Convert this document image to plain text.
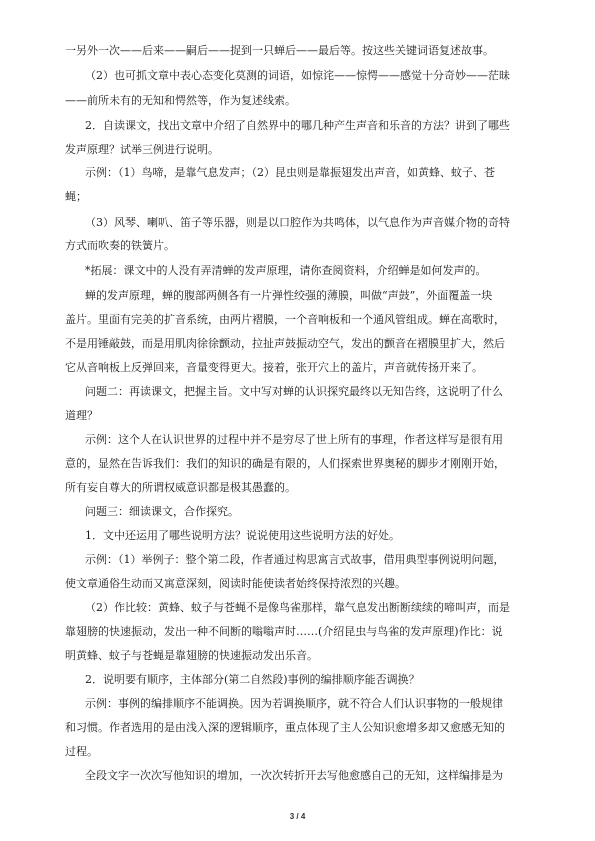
一另外一次——后来——嗣后——捉到一只蝉后——最后等。按这些关键词语复述故事。

（2）也可抓文章中表心态变化莫测的词语，如惊诧——惊愕——感觉十分奇妙——茫昧

——前所未有的无知和愕然等，作为复述线索。

2．自读课文，找出文章中介绍了自然界中的哪几种产生声音和乐音的方法？讲到了哪些

发声原理？试举三例进行说明。

示例：（1）鸟啼，是靠气息发声；（2）昆虫则是靠振翅发出声音，如黄蜂、蚊子、苍

蝇；

（3）风琴、喇叭、笛子等乐器，则是以口腔作为共鸣体，以气息作为声音媒介物的奇特

方式而吹奏的铁簧片。

*拓展：课文中的人没有弄清蝉的发声原理，请你查阅资料，介绍蝉是如何发声的。

蝉的发声原理，蝉的腹部两侧各有一片弹性绞强的薄膜，叫做“声鼓”，外面覆盖一块

盖片。里面有完美的扩音系统，由两片褶膜，一个音响板和一个通风管组成。蝉在高歌时，

不是用锤敲鼓，而是用肌肉徐徐颤动，拉扯声鼓振动空气，发出的颤音在褶膜里扩大，然后

它从音响板上反弹回来，音量变得更大。接着，张开穴上的盖片，声音就传扬开来了。

问题二：再读课文，把握主旨。文中写对蝉的认识探究最终以无知告终，这说明了什么

道理？

示例：这个人在认识世界的过程中并不是穷尽了世上所有的事理，作者这样写是很有用

意的，显然在告诉我们：我们的知识的确是有限的，人们探索世界奥秘的脚步才刚刚开始，

所有妄自尊大的所谓权威意识都是极其愚蠢的。

问题三：细读课文，合作探究。

1．文中还运用了哪些说明方法？说说使用这些说明方法的好处。

示例：（1）举例子：整个第二段，作者通过构思寓言式故事，借用典型事例说明问题，

使文章通俗生动而又寓意深刻，阅读时能使读者始终保持浓烈的兴趣。

（2）作比较：黄蜂、蚊子与苍蝇不是像鸟雀那样，靠气息发出断断续续的啼叫声，而是

靠翅膀的快速振动，发出一种不间断的嗡嗡声时……(介绍昆虫与鸟雀的发声原理)作比：说

明黄蜂、蚊子与苍蝇是靠翅膀的快速振动发出乐音。

2．说明要有顺序，主体部分(第二自然段)事例的编排顺序能否调换？

示例：事例的编排顺序不能调换。因为若调换顺序，就不符合人们认识事物的一般规律

和习惯。作者选用的是由浅入深的逻辑顺序，重点体现了主人公知识愈增多却又愈感无知的

过程。

全段文字一次次写他知识的增加，一次次转折开去写他愈感自己的无知，这样编排是为

3 / 4
